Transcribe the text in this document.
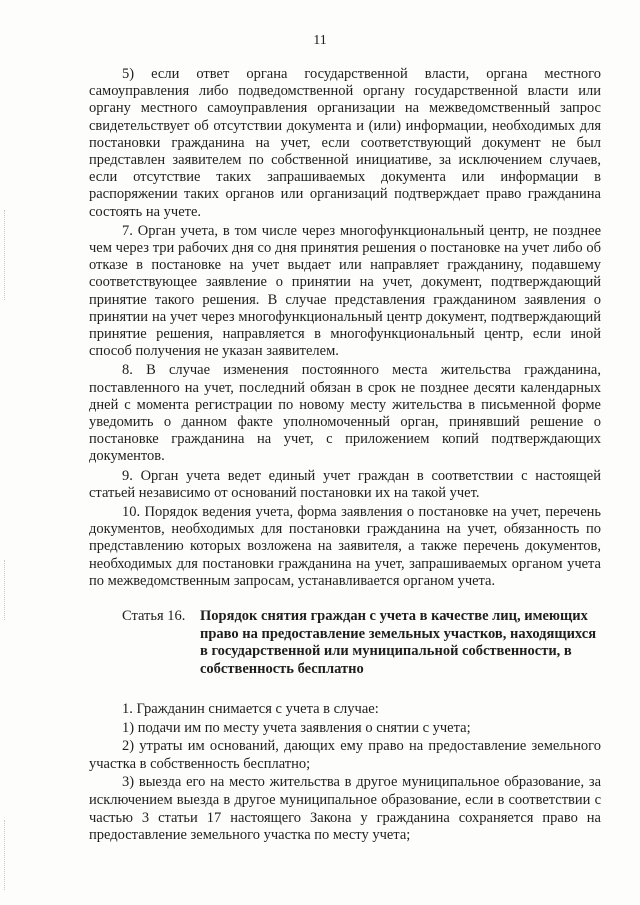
11

5) если ответ органа государственной власти, органа местного самоуправления либо подведомственной органу государственной власти или органу местного самоуправления организации на межведомственный запрос свидетельствует об отсутствии документа и (или) информации, необходимых для постановки гражданина на учет, если соответствующий документ не был представлен заявителем по собственной инициативе, за исключением случаев, если отсутствие таких запрашиваемых документа или информации в распоряжении таких органов или организаций подтверждает право гражданина состоять на учете.

7. Орган учета, в том числе через многофункциональный центр, не позднее чем через три рабочих дня со дня принятия решения о постановке на учет либо об отказе в постановке на учет выдает или направляет гражданину, подавшему соответствующее заявление о принятии на учет, документ, подтверждающий принятие такого решения. В случае представления гражданином заявления о принятии на учет через многофункциональный центр документ, подтверждающий принятие решения, направляется в многофункциональный центр, если иной способ получения не указан заявителем.

8. В случае изменения постоянного места жительства гражданина, поставленного на учет, последний обязан в срок не позднее десяти календарных дней с момента регистрации по новому месту жительства в письменной форме уведомить о данном факте уполномоченный орган, принявший решение о постановке гражданина на учет, с приложением копий подтверждающих документов.

9. Орган учета ведет единый учет граждан в соответствии с настоящей статьей независимо от оснований постановки их на такой учет.

10. Порядок ведения учета, форма заявления о постановке на учет, перечень документов, необходимых для постановки гражданина на учет, обязанность по представлению которых возложена на заявителя, а также перечень документов, необходимых для постановки гражданина на учет, запрашиваемых органом учета по межведомственным запросам, устанавливается органом учета.

Статья 16.	Порядок снятия граждан с учета в качестве лиц, имеющих право на предоставление земельных участков, находящихся в государственной или муниципальной собственности, в собственность бесплатно

1. Гражданин снимается с учета в случае:

1) подачи им по месту учета заявления о снятии с учета;

2) утраты им оснований, дающих ему право на предоставление земельного участка в собственность бесплатно;

3) выезда его на место жительства в другое муниципальное образование, за исключением выезда в другое муниципальное образование, если в соответствии с частью 3 статьи 17 настоящего Закона у гражданина сохраняется право на предоставление земельного участка по месту учета;
